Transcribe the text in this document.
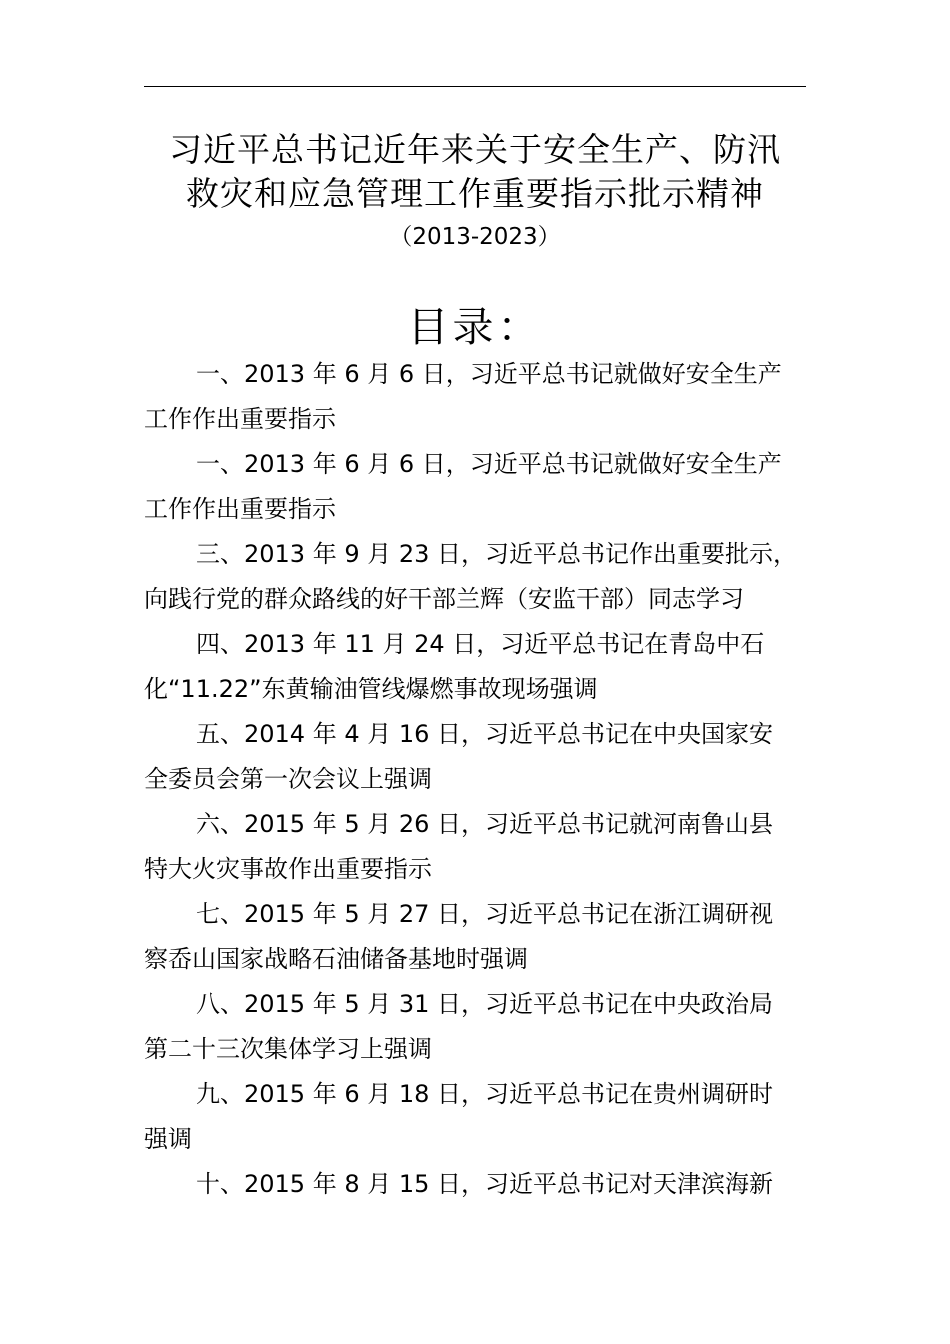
习近平总书记近年来关于安全生产、防汛
救灾和应急管理工作重要指示批示精神
（2013-2023）
目录：
一、2013 年 6 月 6 日，习近平总书记就做好安全生产
工作作出重要指示
一、2013 年 6 月 6 日，习近平总书记就做好安全生产
工作作出重要指示
三、2013 年 9 月 23 日，习近平总书记作出重要批示，
向践行党的群众路线的好干部兰辉（安监干部）同志学习
四、2013 年 11 月 24 日，习近平总书记在青岛中石
化“11.22”东黄输油管线爆燃事故现场强调
五、2014 年 4 月 16 日，习近平总书记在中央国家安
全委员会第一次会议上强调
六、2015 年 5 月 26 日，习近平总书记就河南鲁山县
特大火灾事故作出重要指示
七、2015 年 5 月 27 日，习近平总书记在浙江调研视
察岙山国家战略石油储备基地时强调
八、2015 年 5 月 31 日，习近平总书记在中央政治局
第二十三次集体学习上强调
九、2015 年 6 月 18 日，习近平总书记在贵州调研时
强调
十、2015 年 8 月 15 日，习近平总书记对天津滨海新
